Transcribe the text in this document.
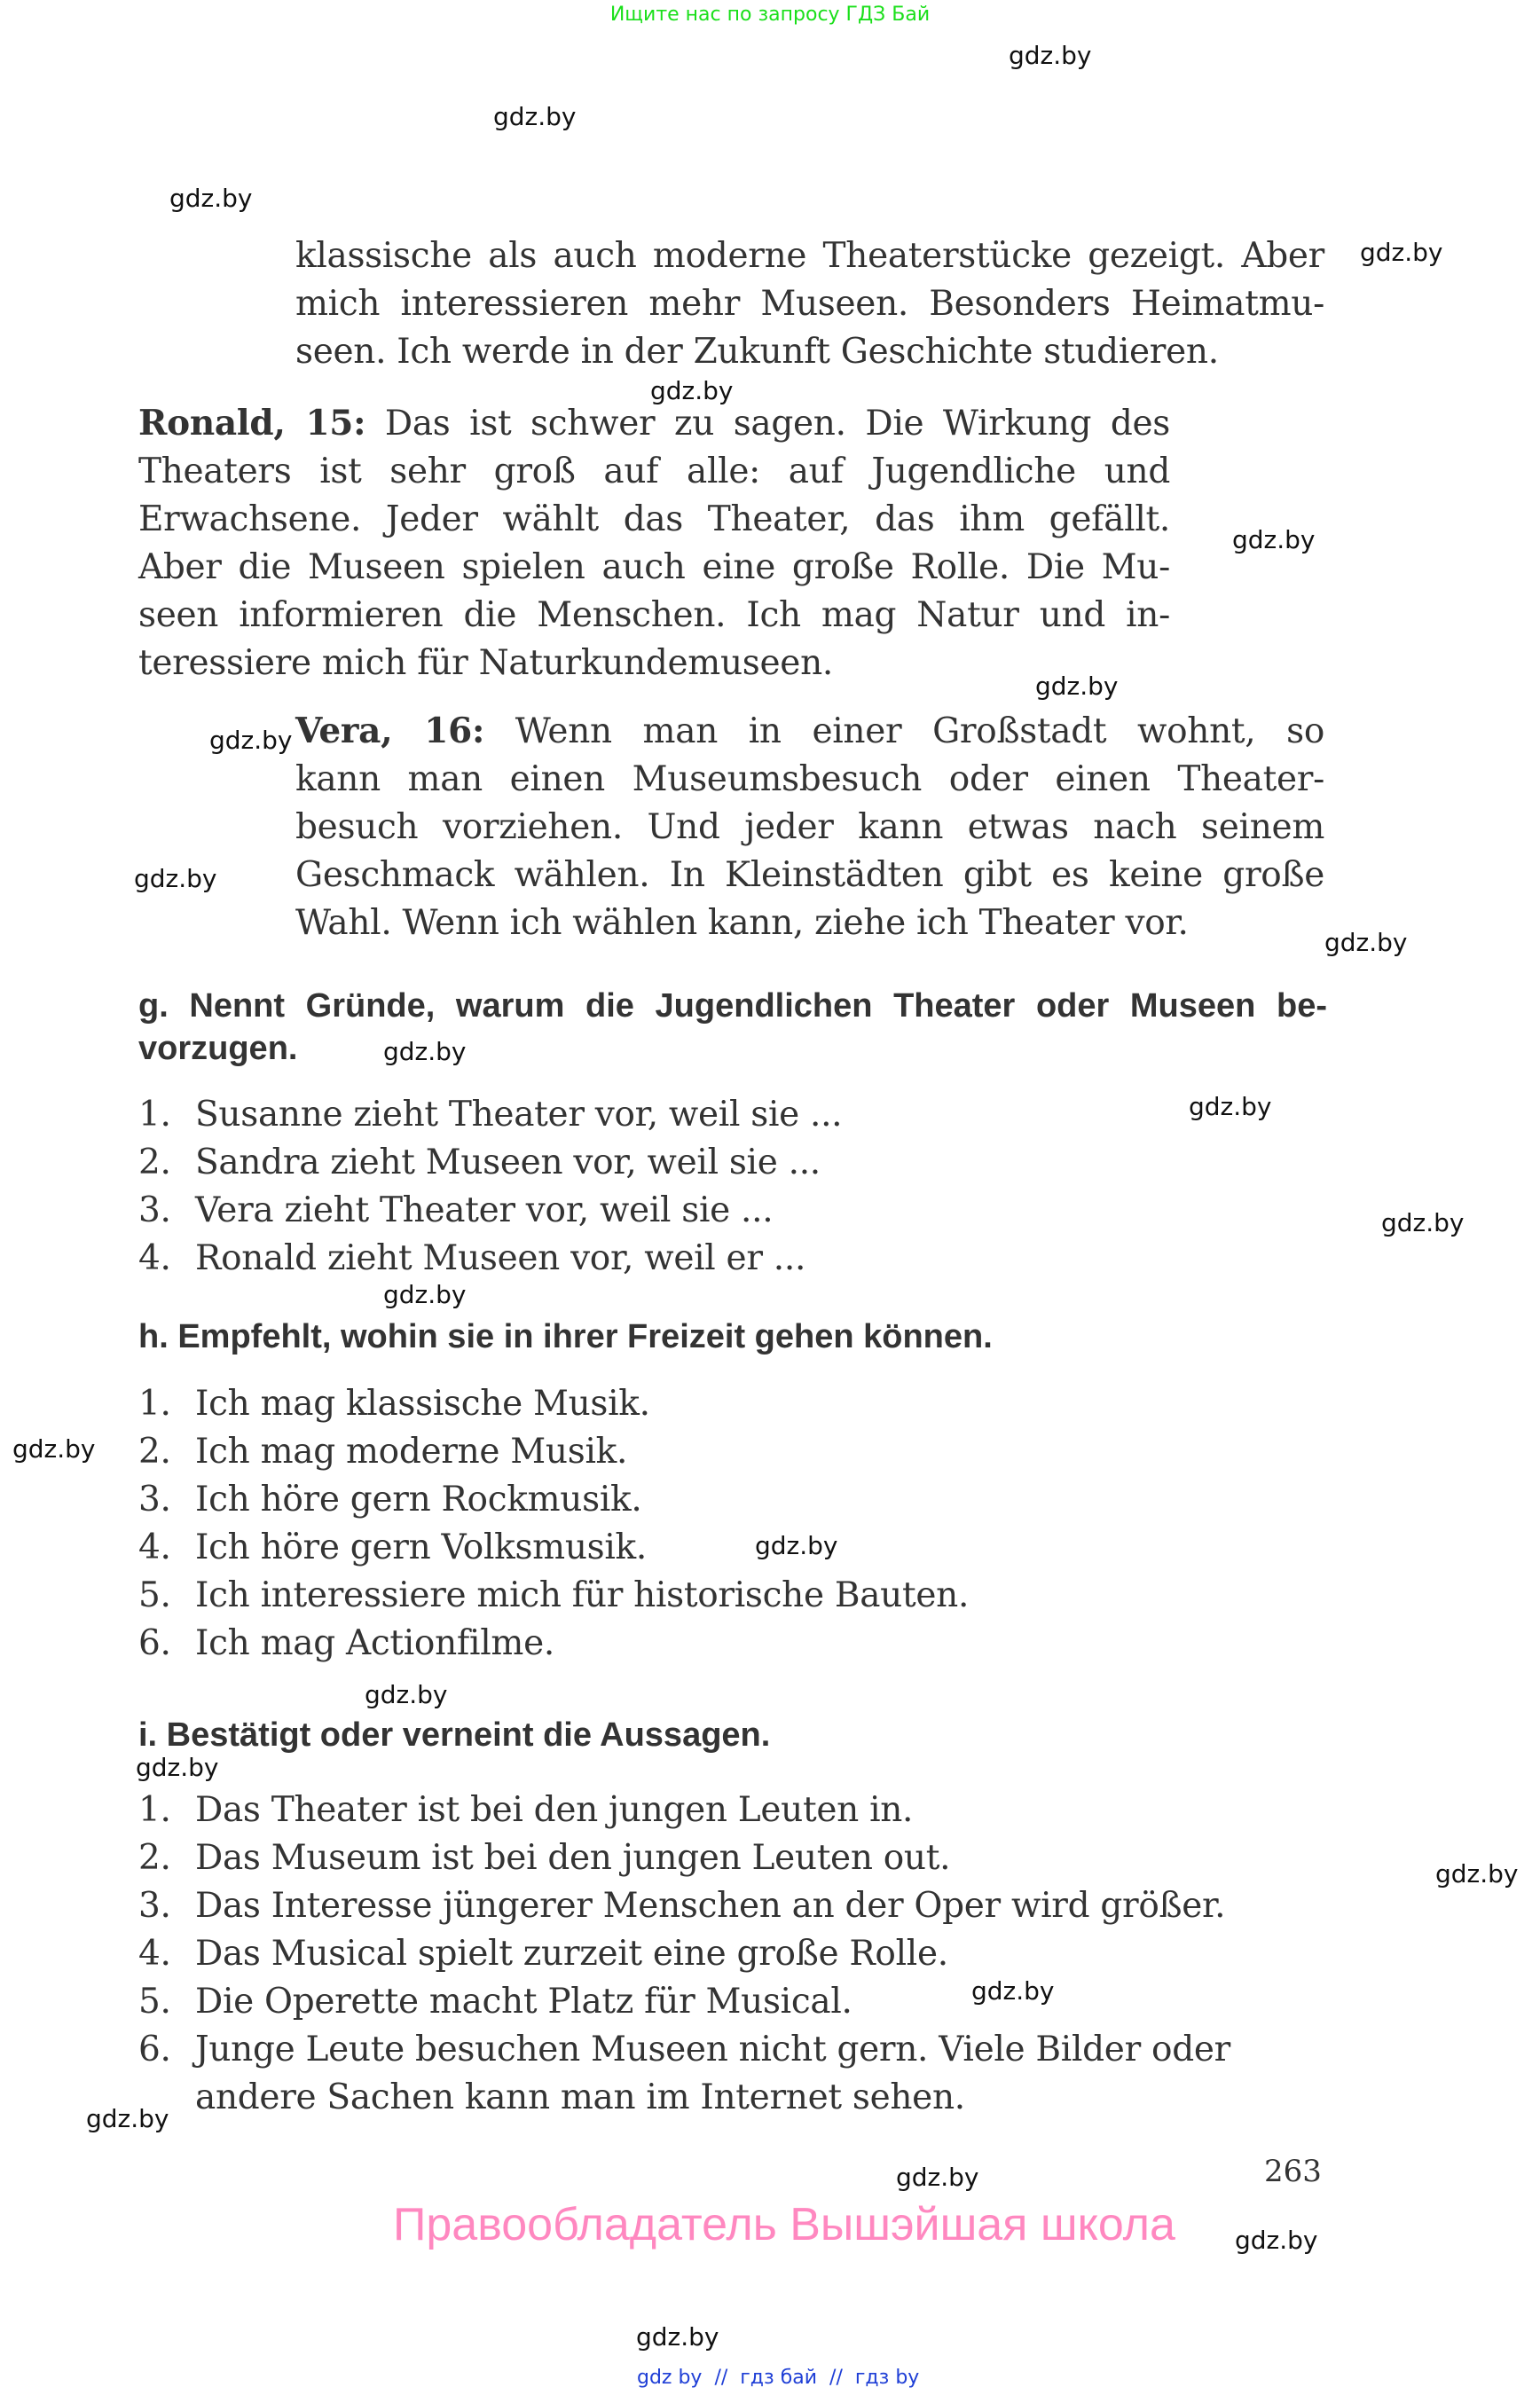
Ищите нас по запросу ГДЗ Бай
gdz.by
gdz.by
gdz.by
gdz.by
gdz.by
gdz.by
gdz.by
gdz.by
gdz.by
gdz.by
gdz.by
gdz.by
gdz.by
gdz.by
gdz.by
gdz.by
gdz.by
gdz.by
gdz.by
gdz.by
gdz.by
gdz.by
gdz.by
gdz.by
klassische als auch moderne Theaterstücke gezeigt. Aber
mich interessieren mehr Museen. Besonders Heimatmu-
seen. Ich werde in der Zukunft Geschichte studieren.
Ronald, 15: Das ist schwer zu sagen. Die Wirkung des
Theaters ist sehr groß auf alle: auf Jugendliche und
Erwachsene. Jeder wählt das Theater, das ihm gefällt.
Aber die Museen spielen auch eine große Rolle. Die Mu-
seen informieren die Menschen. Ich mag Natur und in-
teressiere mich für Naturkundemuseen.
Vera, 16: Wenn man in einer Großstadt wohnt, so
kann man einen Museumsbesuch oder einen Theater-
besuch vorziehen. Und jeder kann etwas nach seinem
Geschmack wählen. In Kleinstädten gibt es keine große
Wahl. Wenn ich wählen kann, ziehe ich Theater vor.
g. Nennt Gründe, warum die Jugendlichen Theater oder Museen be-
vorzugen.
1. Susanne zieht Theater vor, weil sie ...
2. Sandra zieht Museen vor, weil sie ...
3. Vera zieht Theater vor, weil sie ...
4. Ronald zieht Museen vor, weil er ...
h. Empfehlt, wohin sie in ihrer Freizeit gehen können.
1. Ich mag klassische Musik.
2. Ich mag moderne Musik.
3. Ich höre gern Rockmusik.
4. Ich höre gern Volksmusik.
5. Ich interessiere mich für historische Bauten.
6. Ich mag Actionfilme.
i. Bestätigt oder verneint die Aussagen.
1. Das Theater ist bei den jungen Leuten in.
2. Das Museum ist bei den jungen Leuten out.
3. Das Interesse jüngerer Menschen an der Oper wird größer.
4. Das Musical spielt zurzeit eine große Rolle.
5. Die Operette macht Platz für Musical.
6. Junge Leute besuchen Museen nicht gern. Viele Bilder oder
andere Sachen kann man im Internet sehen.
263
Правообладатель Вышэйшая школа
gdz by  //  гдз бай  //  гдз by
